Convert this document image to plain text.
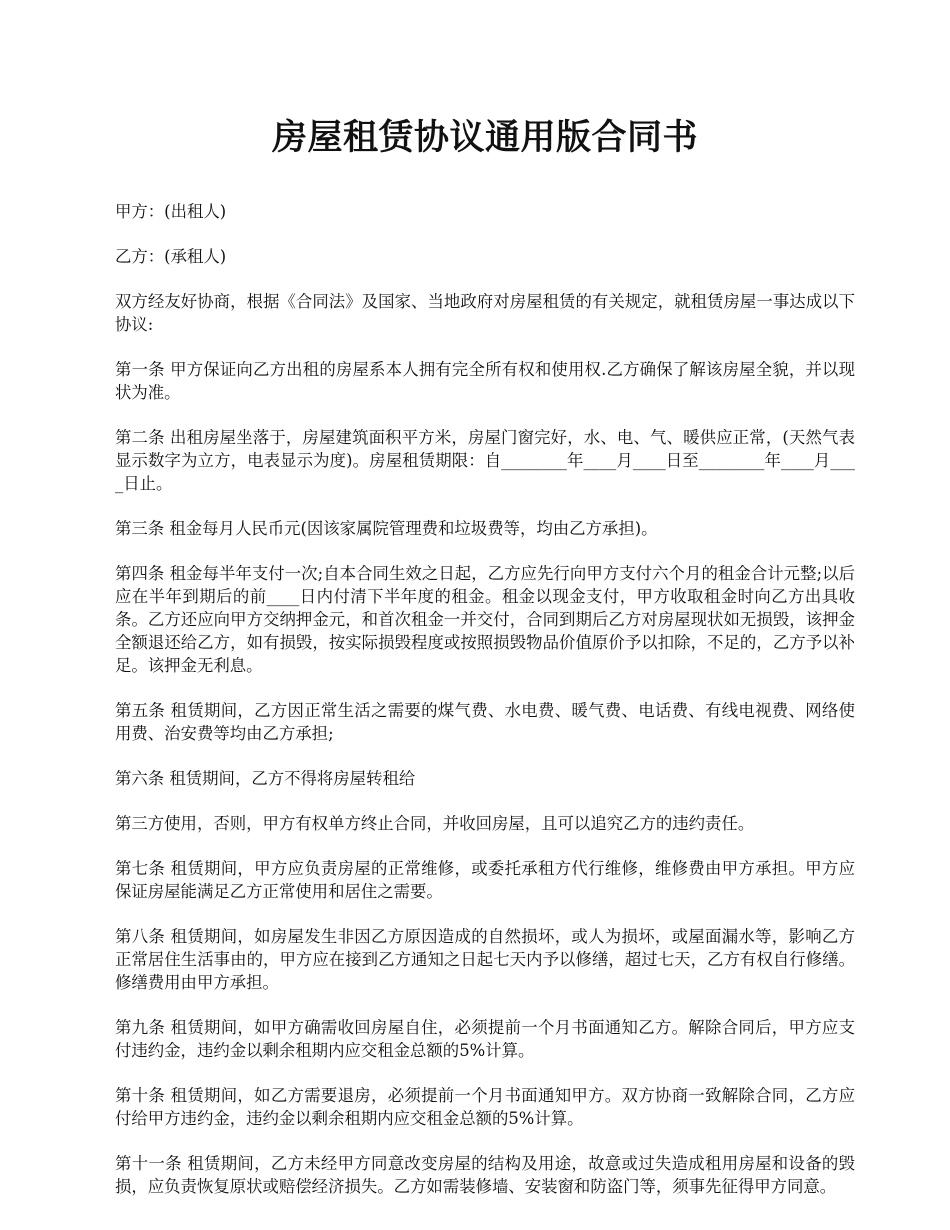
房屋租赁协议通用版合同书

甲方：(出租人)

乙方：(承租人)

双方经友好协商，根据《合同法》及国家、当地政府对房屋租赁的有关规定，就租赁房屋一事达成以下协议:

第一条 甲方保证向乙方出租的房屋系本人拥有完全所有权和使用权.乙方确保了解该房屋全貌，并以现状为准。

第二条 出租房屋坐落于，房屋建筑面积平方米，房屋门窗完好，水、电、气、暖供应正常，(天然气表显示数字为立方，电表显示为度)。房屋租赁期限：自________年____月____日至________年____月____日止。

第三条 租金每月人民币元(因该家属院管理费和垃圾费等，均由乙方承担)。

第四条 租金每半年支付一次;自本合同生效之日起，乙方应先行向甲方支付六个月的租金合计元整;以后应在半年到期后的前____日内付清下半年度的租金。租金以现金支付，甲方收取租金时向乙方出具收条。乙方还应向甲方交纳押金元，和首次租金一并交付，合同到期后乙方对房屋现状如无损毁，该押金全额退还给乙方，如有损毁，按实际损毁程度或按照损毁物品价值原价予以扣除，不足的，乙方予以补足。该押金无利息。

第五条 租赁期间，乙方因正常生活之需要的煤气费、水电费、暖气费、电话费、有线电视费、网络使用费、治安费等均由乙方承担;

第六条 租赁期间，乙方不得将房屋转租给

第三方使用，否则，甲方有权单方终止合同，并收回房屋，且可以追究乙方的违约责任。

第七条 租赁期间，甲方应负责房屋的正常维修，或委托承租方代行维修，维修费由甲方承担。甲方应保证房屋能满足乙方正常使用和居住之需要。

第八条 租赁期间，如房屋发生非因乙方原因造成的自然损坏，或人为损坏，或屋面漏水等，影响乙方正常居住生活事由的，甲方应在接到乙方通知之日起七天内予以修缮，超过七天，乙方有权自行修缮。修缮费用由甲方承担。

第九条 租赁期间，如甲方确需收回房屋自住，必须提前一个月书面通知乙方。解除合同后，甲方应支付违约金，违约金以剩余租期内应交租金总额的5%计算。

第十条 租赁期间，如乙方需要退房，必须提前一个月书面通知甲方。双方协商一致解除合同，乙方应付给甲方违约金，违约金以剩余租期内应交租金总额的5%计算。

第十一条 租赁期间，乙方未经甲方同意改变房屋的结构及用途，故意或过失造成租用房屋和设备的毁损，应负责恢复原状或赔偿经济损失。乙方如需装修墙、安装窗和防盗门等，须事先征得甲方同意。
